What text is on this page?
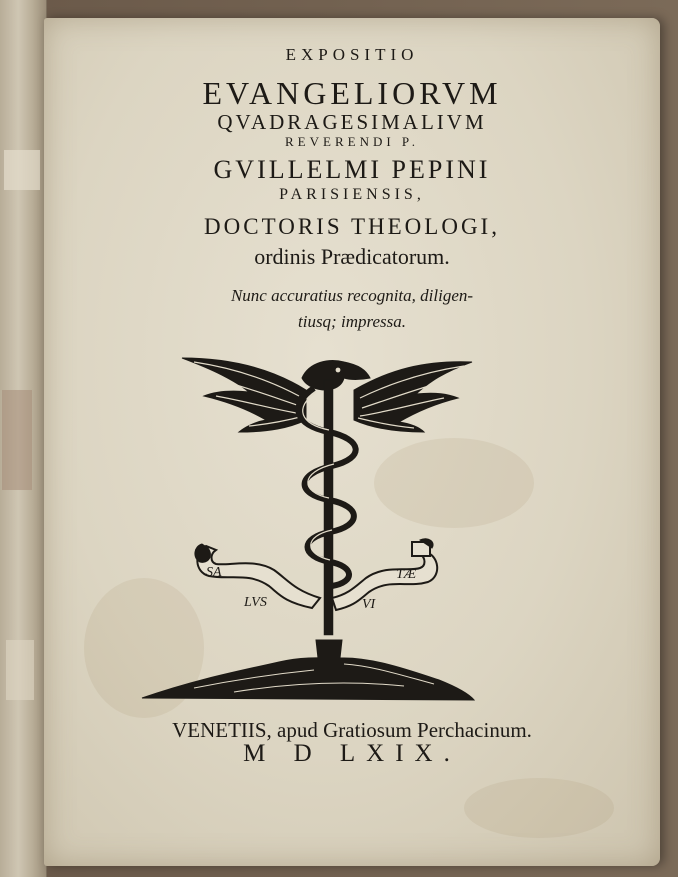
EXPOSITIO
EVANGELIORVM
QVADRAGESIMALIVM
REVERENDI P.
GVILLELMI PEPINI
PARISIENSIS,
DOCTORIS THEOLOGI,
ordinis Prædicatorum.
Nunc accuratius recognita, diligen-
tiusq; impressa.
SA
LVS	VI
TÆ
VENETIIS, apud Gratiosum Perchacinum.
M D LXIX.
